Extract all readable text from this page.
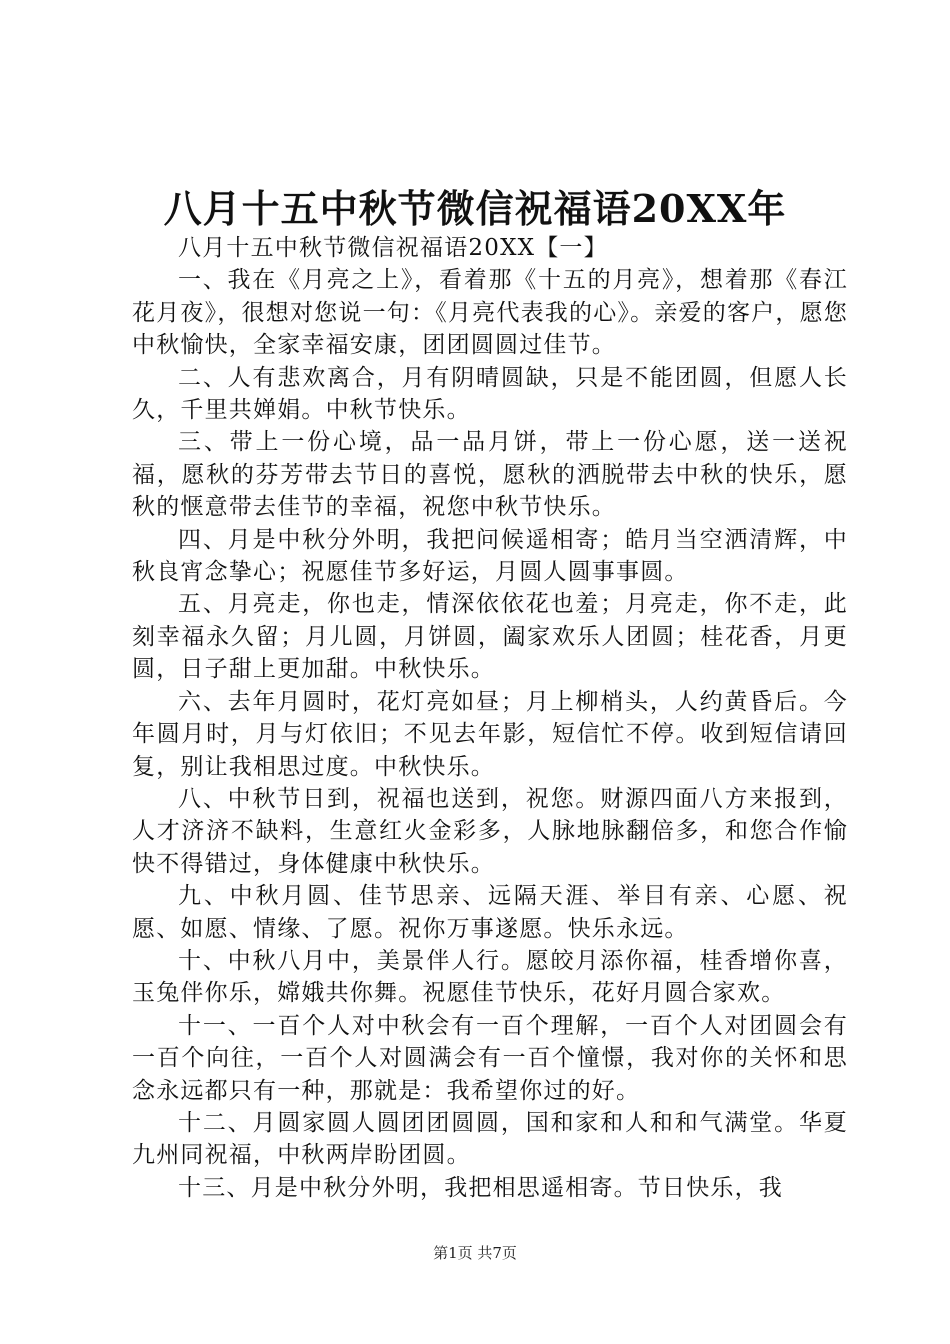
八月十五中秋节微信祝福语20XX年

八月十五中秋节微信祝福语20XX【一】

一、我在《月亮之上》，看着那《十五的月亮》，想着那《春江花月夜》，很想对您说一句：《月亮代表我的心》。亲爱的客户，愿您中秋愉快，全家幸福安康，团团圆圆过佳节。

二、人有悲欢离合，月有阴晴圆缺，只是不能团圆，但愿人长久，千里共婵娟。中秋节快乐。

三、带上一份心境，品一品月饼，带上一份心愿，送一送祝福，愿秋的芬芳带去节日的喜悦，愿秋的洒脱带去中秋的快乐，愿秋的惬意带去佳节的幸福，祝您中秋节快乐。

四、月是中秋分外明，我把问候遥相寄；皓月当空洒清辉，中秋良宵念挚心；祝愿佳节多好运，月圆人圆事事圆。

五、月亮走，你也走，情深依依花也羞；月亮走，你不走，此刻幸福永久留；月儿圆，月饼圆，阖家欢乐人团圆；桂花香，月更圆，日子甜上更加甜。中秋快乐。

六、去年月圆时，花灯亮如昼；月上柳梢头，人约黄昏后。今年圆月时，月与灯依旧；不见去年影，短信忙不停。收到短信请回复，别让我相思过度。中秋快乐。

八、中秋节日到，祝福也送到，祝您。财源四面八方来报到，人才济济不缺料，生意红火金彩多，人脉地脉翻倍多，和您合作愉快不得错过，身体健康中秋快乐。

九、中秋月圆、佳节思亲、远隔天涯、举目有亲、心愿、祝愿、如愿、情缘、了愿。祝你万事遂愿。快乐永远。

十、中秋八月中，美景伴人行。愿皎月添你福，桂香增你喜，玉兔伴你乐，嫦娥共你舞。祝愿佳节快乐，花好月圆合家欢。

十一、一百个人对中秋会有一百个理解，一百个人对团圆会有一百个向往，一百个人对圆满会有一百个憧憬，我对你的关怀和思念永远都只有一种，那就是：我希望你过的好。

十二、月圆家圆人圆团团圆圆，国和家和人和和气满堂。华夏九州同祝福，中秋两岸盼团圆。

十三、月是中秋分外明，我把相思遥相寄。节日快乐，我

第1页 共7页
